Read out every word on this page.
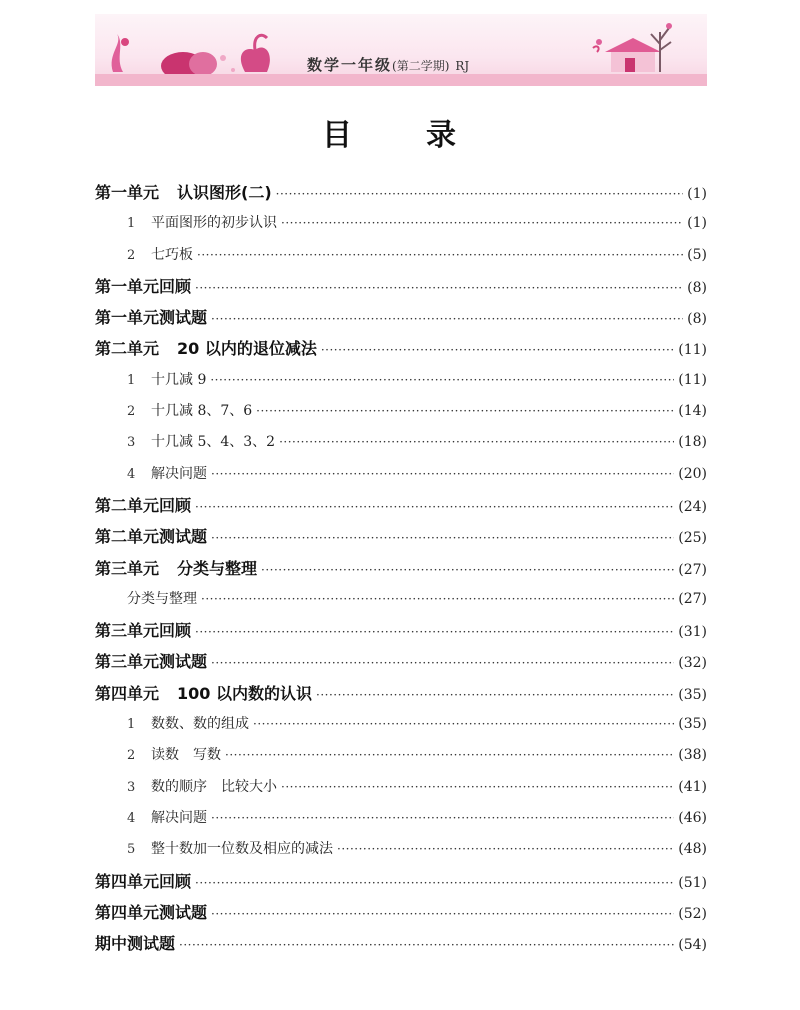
数学一年级(第二学期) RJ
目　录
第一单元 认识图形(二) ·····	(1)
1 平面图形的初步认识 ·····	(1)
2 七巧板 ·····	(5)
第一单元回顾 ·····	(8)
第一单元测试题 ·····	(8)
第二单元 20 以内的退位减法 ·····	(11)
1 十几减 9 ·····	(11)
2 十几减 8、7、6 ·····	(14)
3 十几减 5、4、3、2 ·····	(18)
4 解决问题 ·····	(20)
第二单元回顾 ·····	(24)
第二单元测试题 ·····	(25)
第三单元 分类与整理 ·····	(27)
分类与整理 ·····	(27)
第三单元回顾 ·····	(31)
第三单元测试题 ·····	(32)
第四单元 100 以内数的认识 ·····	(35)
1 数数、数的组成 ·····	(35)
2 读数　写数 ·····	(38)
3 数的顺序　比较大小 ·····	(41)
4 解决问题 ·····	(46)
5 整十数加一位数及相应的减法 ·····	(48)
第四单元回顾 ·····	(51)
第四单元测试题 ·····	(52)
期中测试题 ·····	(54)
